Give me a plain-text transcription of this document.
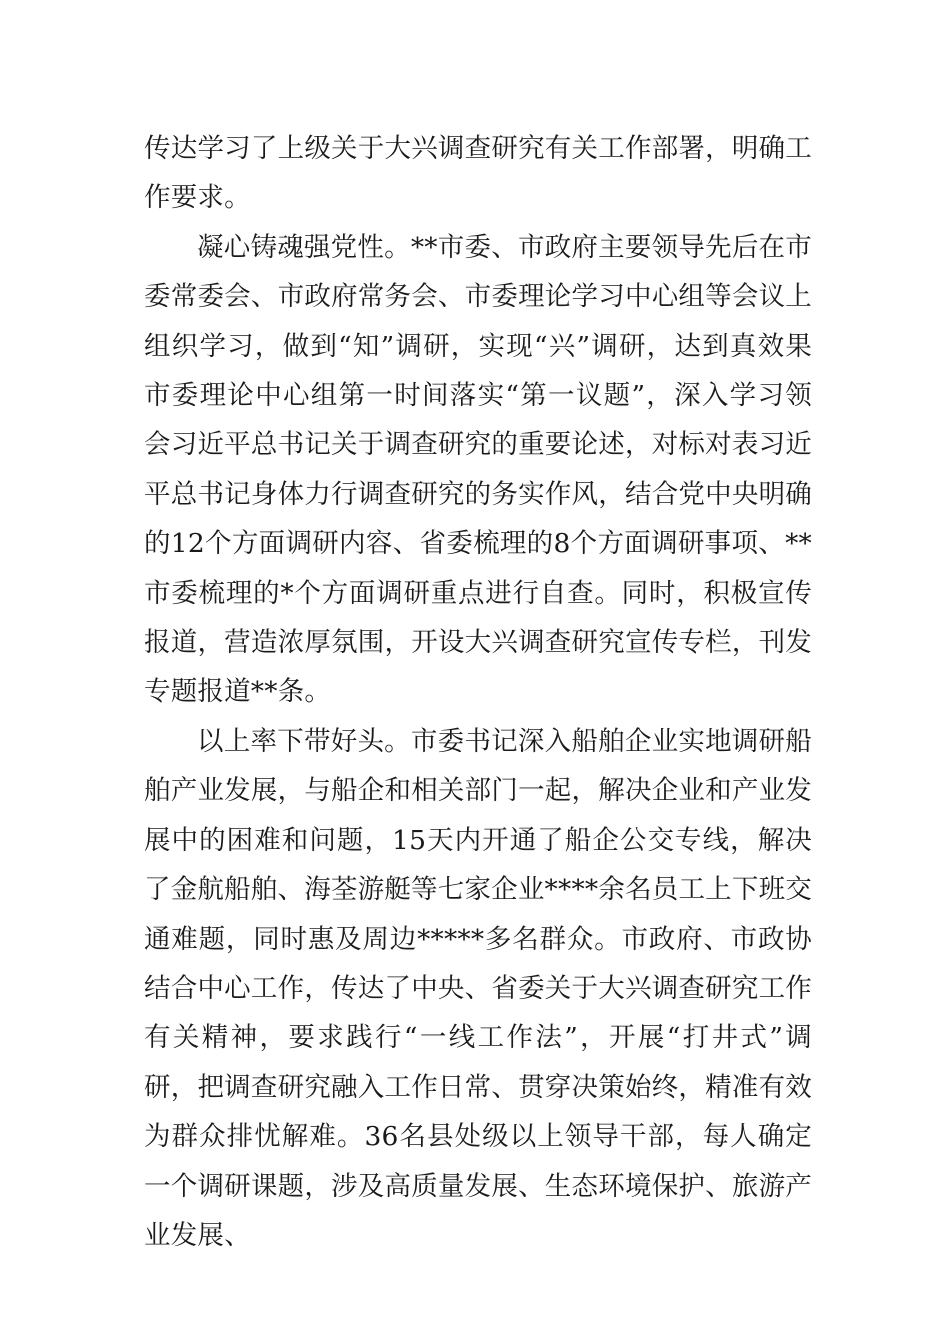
传达学习了上级关于大兴调查研究有关工作部署，明确工作要求。

凝心铸魂强党性。**市委、市政府主要领导先后在市委常委会、市政府常务会、市委理论学习中心组等会议上组织学习，做到“知”调研，实现“兴”调研，达到真效果市委理论中心组第一时间落实“第一议题”，深入学习领会习近平总书记关于调查研究的重要论述，对标对表习近平总书记身体力行调查研究的务实作风，结合党中央明确的12个方面调研内容、省委梳理的8个方面调研事项、**市委梳理的*个方面调研重点进行自查。同时，积极宣传报道，营造浓厚氛围，开设大兴调查研究宣传专栏，刊发专题报道**条。

以上率下带好头。市委书记深入船舶企业实地调研船舶产业发展，与船企和相关部门一起，解决企业和产业发展中的困难和问题，15天内开通了船企公交专线，解决了金航船舶、海荃游艇等七家企业****余名员工上下班交通难题，同时惠及周边*****多名群众。市政府、市政协结合中心工作，传达了中央、省委关于大兴调查研究工作有关精神，要求践行“一线工作法”，开展“打井式”调研，把调查研究融入工作日常、贯穿决策始终，精准有效为群众排忧解难。36名县处级以上领导干部，每人确定一个调研课题，涉及高质量发展、生态环境保护、旅游产业发展、
